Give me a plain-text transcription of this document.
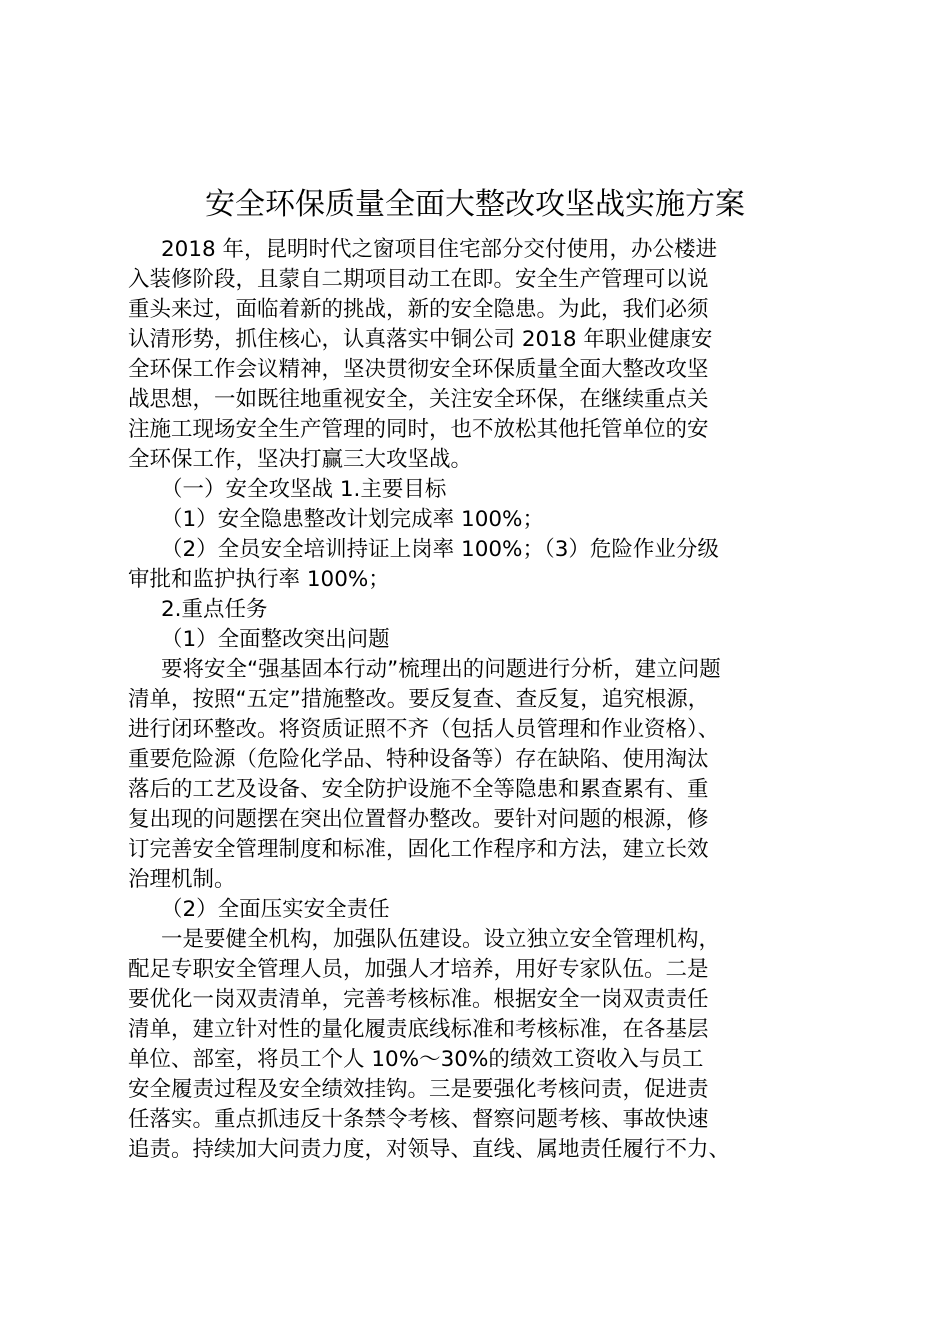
安全环保质量全面大整改攻坚战实施方案

2018 年，昆明时代之窗项目住宅部分交付使用，办公楼进

入装修阶段，且蒙自二期项目动工在即。安全生产管理可以说

重头来过，面临着新的挑战，新的安全隐患。为此，我们必须

认清形势，抓住核心，认真落实中铜公司 2018 年职业健康安

全环保工作会议精神，坚决贯彻安全环保质量全面大整改攻坚

战思想，一如既往地重视安全，关注安全环保，在继续重点关

注施工现场安全生产管理的同时，也不放松其他托管单位的安

全环保工作，坚决打赢三大攻坚战。

（一）安全攻坚战 1.主要目标

（1）安全隐患整改计划完成率 100%；

（2）全员安全培训持证上岗率 100%；（3）危险作业分级

审批和监护执行率 100%；

2.重点任务

（1）全面整改突出问题

要将安全“强基固本行动”梳理出的问题进行分析，建立问题

清单，按照“五定”措施整改。要反复查、查反复，追究根源，

进行闭环整改。将资质证照不齐（包括人员管理和作业资格）、

重要危险源（危险化学品、特种设备等）存在缺陷、使用淘汰

落后的工艺及设备、安全防护设施不全等隐患和累查累有、重

复出现的问题摆在突出位置督办整改。要针对问题的根源，修

订完善安全管理制度和标准，固化工作程序和方法，建立长效

治理机制。

（2）全面压实安全责任

一是要健全机构，加强队伍建设。设立独立安全管理机构，

配足专职安全管理人员，加强人才培养，用好专家队伍。二是

要优化一岗双责清单，完善考核标准。根据安全一岗双责责任

清单，建立针对性的量化履责底线标准和考核标准，在各基层

单位、部室，将员工个人 10%～30%的绩效工资收入与员工

安全履责过程及安全绩效挂钩。三是要强化考核问责，促进责

任落实。重点抓违反十条禁令考核、督察问题考核、事故快速

追责。持续加大问责力度，对领导、直线、属地责任履行不力、
